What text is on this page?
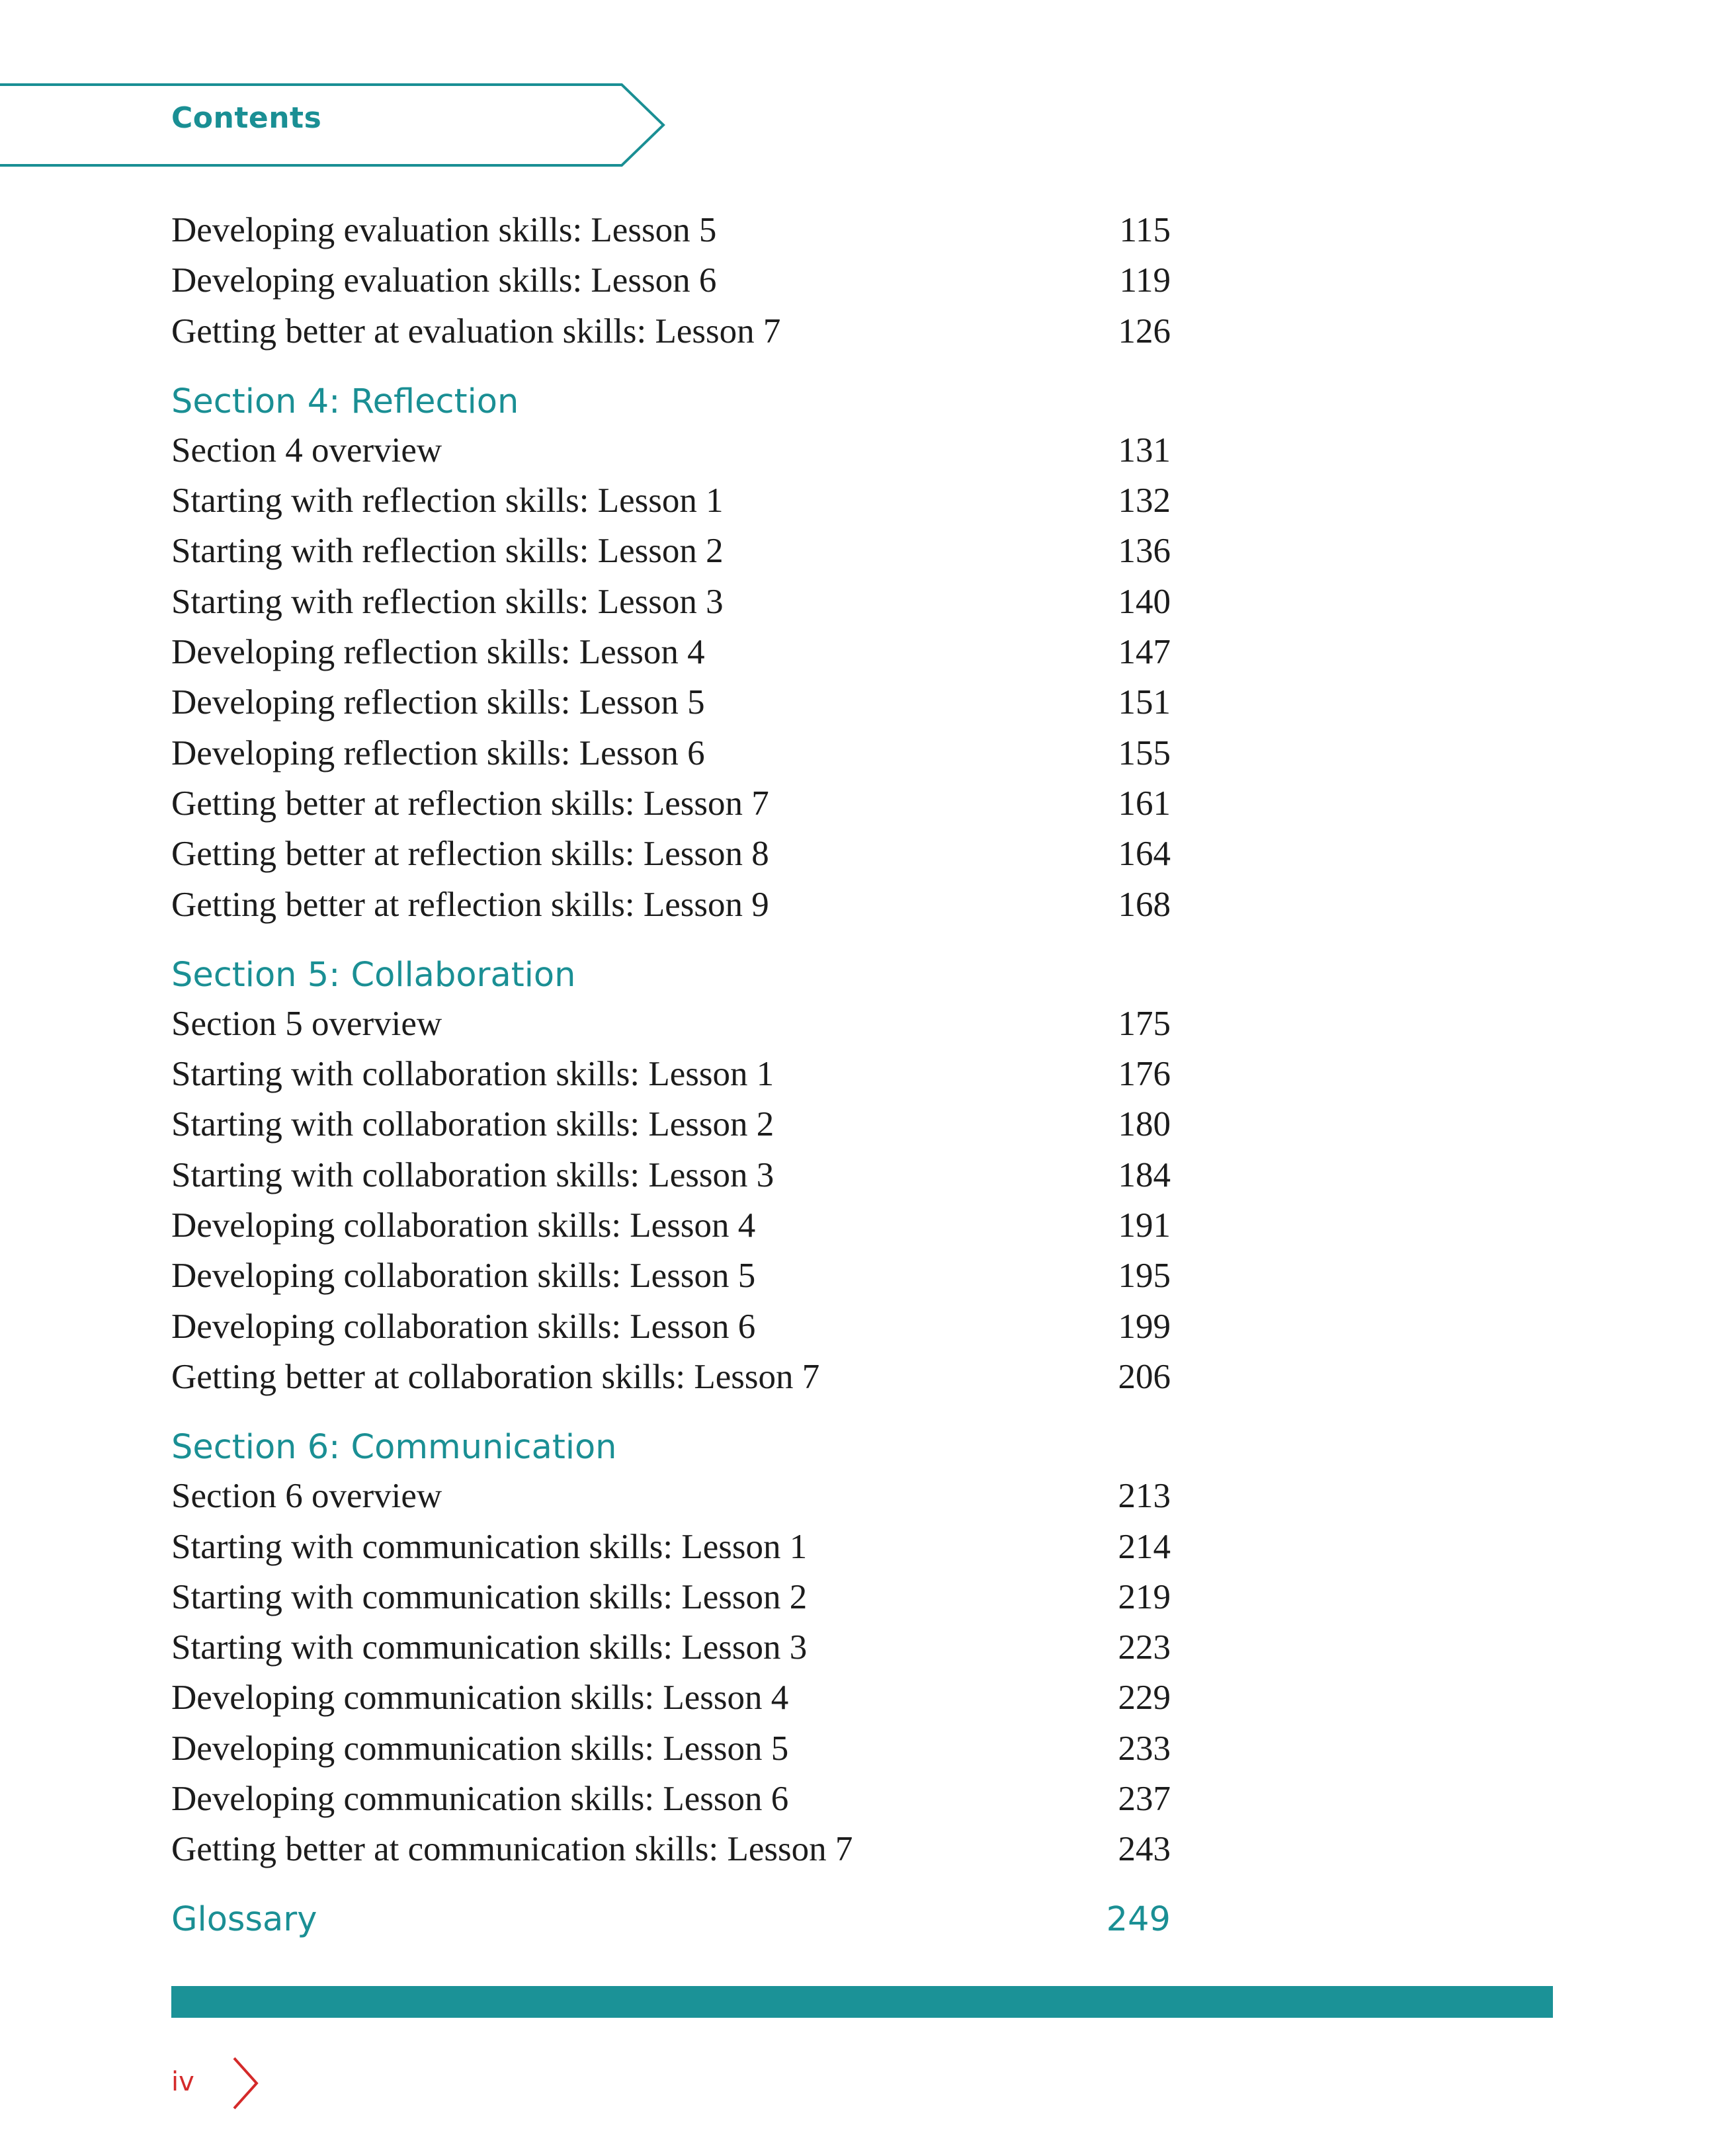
Contents
Developing evaluation skills: Lesson 5	115
Developing evaluation skills: Lesson 6	119
Getting better at evaluation skills: Lesson 7	126
Section 4: Reflection
Section 4 overview	131
Starting with reflection skills: Lesson 1	132
Starting with reflection skills: Lesson 2	136
Starting with reflection skills: Lesson 3	140
Developing reflection skills: Lesson 4	147
Developing reflection skills: Lesson 5	151
Developing reflection skills: Lesson 6	155
Getting better at reflection skills: Lesson 7	161
Getting better at reflection skills: Lesson 8	164
Getting better at reflection skills: Lesson 9	168
Section 5: Collaboration
Section 5 overview	175
Starting with collaboration skills: Lesson 1	176
Starting with collaboration skills: Lesson 2	180
Starting with collaboration skills: Lesson 3	184
Developing collaboration skills: Lesson 4	191
Developing collaboration skills: Lesson 5	195
Developing collaboration skills: Lesson 6	199
Getting better at collaboration skills: Lesson 7	206
Section 6: Communication
Section 6 overview	213
Starting with communication skills: Lesson 1	214
Starting with communication skills: Lesson 2	219
Starting with communication skills: Lesson 3	223
Developing communication skills: Lesson 4	229
Developing communication skills: Lesson 5	233
Developing communication skills: Lesson 6	237
Getting better at communication skills: Lesson 7	243
Glossary	249
iv
